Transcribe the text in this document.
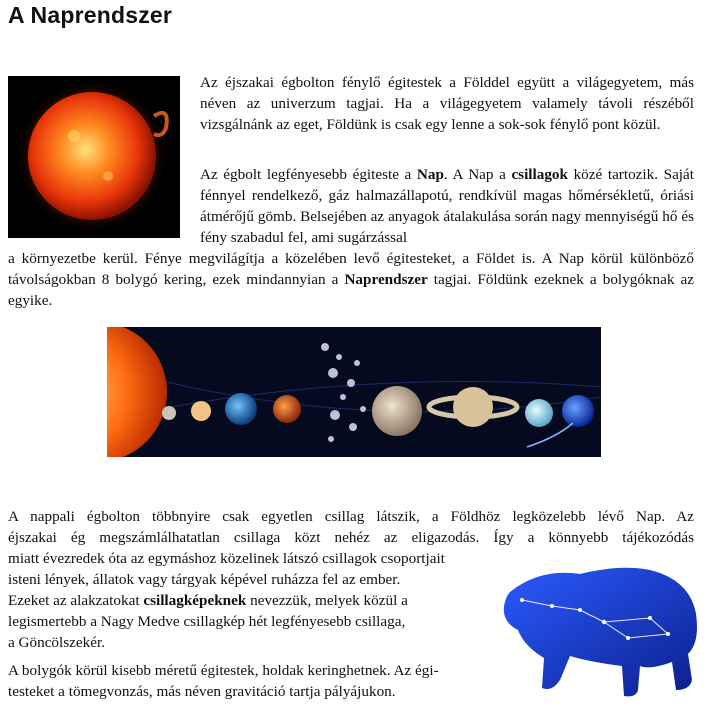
A Naprendszer

Az éjszakai égbolton fénylő égitestek a Földdel együtt a világegyetem, más néven az univerzum tagjai. Ha a világegyetem valamely távoli részéből vizsgálnánk az eget, Földünk is csak egy lenne a sok-sok fénylő pont közül.

Az égbolt legfényesebb égitestе a Nap. A Nap a csillagok közé tartozik. Saját fénnyel rendelkező, gáz halmazállapotú, rendkívül magas hőmérsékletű, óriási átmérőjű gömb. Belsejében az anyagok átalakulása során nagy mennyiségű hő és fény szabadul fel, ami sugárzással

a környezetbe kerül. Fénye megvilágítja a közelében levő égitesteket, a Földet is. A Nap körül különböző távolságokban 8 bolygó kering, ezek mindannyian a Naprendszer tagjai. Földünk ezeknek a bolygóknak az egyike.

A nappali égbolton többnyire csak egyetlen csillag látszik, a Földhöz legközelebb lévő Nap. Az

éjszakai ég megszámlálhatatlan csillaga közt nehéz az eligazodás. Így a könnyebb tájékozódás

miatt évezredek óta az egymáshoz közelinek látszó csillagok csoportjait

isteni lények, állatok vagy tárgyak képével ruházza fel az ember.

Ezeket az alakzatokat csillagképeknek nevezzük, melyek közül a

legismertebb a Nagy Medve csillagkép hét legfényesebb csillaga,

a Göncölszekér.

A bolygók körül kisebb méretű égitestek, holdak keringhetnek. Az égi-

testeket a tömegvonzás, más néven gravitáció tartja pályájukon.
